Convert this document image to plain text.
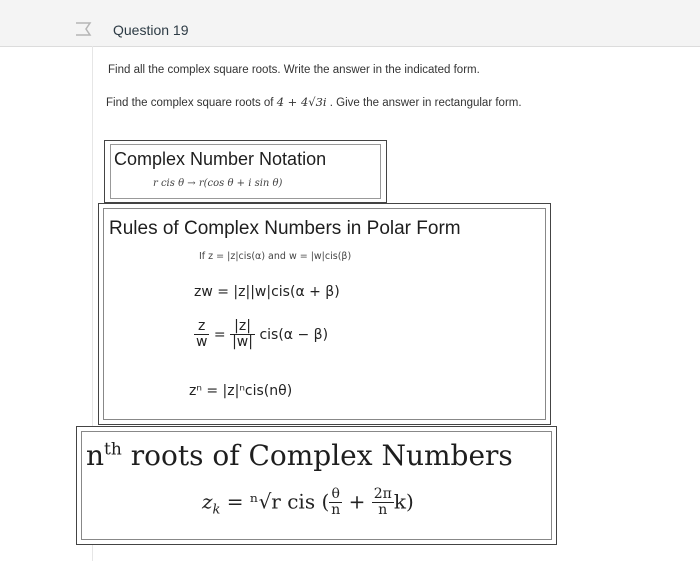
Question 19
Find all the complex square roots. Write the answer in the indicated form.
Find the complex square roots of 4 + 4√3i . Give the answer in rectangular form.
Complex Number Notation
r cis θ → r(cos θ + i sin θ)
Rules of Complex Numbers in Polar Form
If z = |z|cis(α) and w = |w|cis(β)
zw = |z||w|cis(α + β)
$\frac{z}{w} = \frac{|z|}{|w|} cis(\alpha - \beta)$
zⁿ = |z|ⁿcis(nθ)
$n^{th}$ roots of Complex Numbers
$z_k = ^n√r$ cis ( $\frac{\theta}{n} + \frac{2\pi}{n} k$)
